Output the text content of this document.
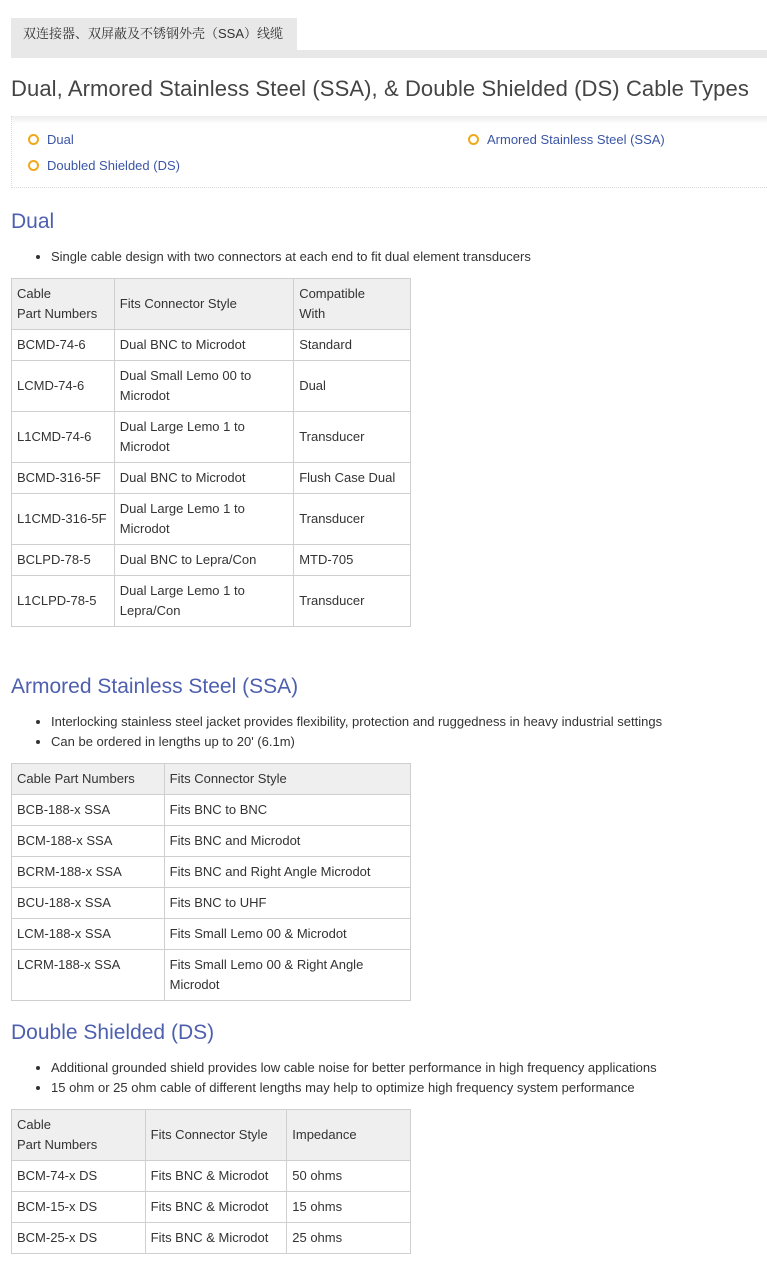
双连接器、双屏蔽及不锈钢外壳（SSA）线缆
Dual, Armored Stainless Steel (SSA), & Double Shielded (DS) Cable Types
Dual	Armored Stainless Steel (SSA)
Doubled Shielded (DS)
Dual
• Single cable design with two connectors at each end to fit dual element transducers
Cable
Part Numbers	Fits Connector Style	Compatible
With
BCMD-74-6	Dual BNC to Microdot	Standard
LCMD-74-6	Dual Small Lemo 00 to Microdot	Dual
L1CMD-74-6	Dual Large Lemo 1 to Microdot	Transducer
BCMD-316-5F	Dual BNC to Microdot	Flush Case Dual
L1CMD-316-5F	Dual Large Lemo 1 to Microdot	Transducer
BCLPD-78-5	Dual BNC to Lepra/Con	MTD-705
L1CLPD-78-5	Dual Large Lemo 1 to Lepra/Con	Transducer
Armored Stainless Steel (SSA)
• Interlocking stainless steel jacket provides flexibility, protection and ruggedness in heavy industrial settings
• Can be ordered in lengths up to 20' (6.1m)
Cable Part Numbers	Fits Connector Style
BCB-188-x SSA	Fits BNC to BNC
BCM-188-x SSA	Fits BNC and Microdot
BCRM-188-x SSA	Fits BNC and Right Angle Microdot
BCU-188-x SSA	Fits BNC to UHF
LCM-188-x SSA	Fits Small Lemo 00 & Microdot
LCRM-188-x SSA	Fits Small Lemo 00 & Right Angle Microdot
Double Shielded (DS)
• Additional grounded shield provides low cable noise for better performance in high frequency applications
• 15 ohm or 25 ohm cable of different lengths may help to optimize high frequency system performance
Cable
Part Numbers	Fits Connector Style	Impedance
BCM-74-x DS	Fits BNC & Microdot	50 ohms
BCM-15-x DS	Fits BNC & Microdot	15 ohms
BCM-25-x DS	Fits BNC & Microdot	25 ohms
